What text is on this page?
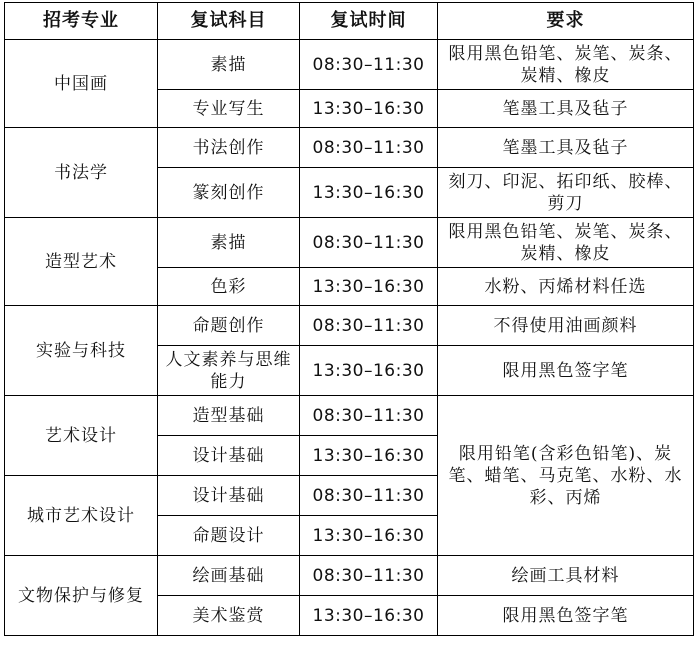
招考专业	复试科目	复试时间	要求
中国画	素描	08:30–11:30	限用黑色铅笔、炭笔、炭条、炭精、橡皮
	专业写生	13:30–16:30	笔墨工具及毡子
书法学	书法创作	08:30–11:30	笔墨工具及毡子
	篆刻创作	13:30–16:30	刻刀、印泥、拓印纸、胶棒、剪刀
造型艺术	素描	08:30–11:30	限用黑色铅笔、炭笔、炭条、炭精、橡皮
	色彩	13:30–16:30	水粉、丙烯材料任选
实验与科技	命题创作	08:30–11:30	不得使用油画颜料
	人文素养与思维能力	13:30–16:30	限用黑色签字笔
艺术设计	造型基础	08:30–11:30	限用铅笔(含彩色铅笔)、炭笔、蜡笔、马克笔、水粉、水彩、丙烯
	设计基础	13:30–16:30	
城市艺术设计	设计基础	08:30–11:30	
	命题设计	13:30–16:30	
文物保护与修复	绘画基础	08:30–11:30	绘画工具材料
	美术鉴赏	13:30–16:30	限用黑色签字笔
